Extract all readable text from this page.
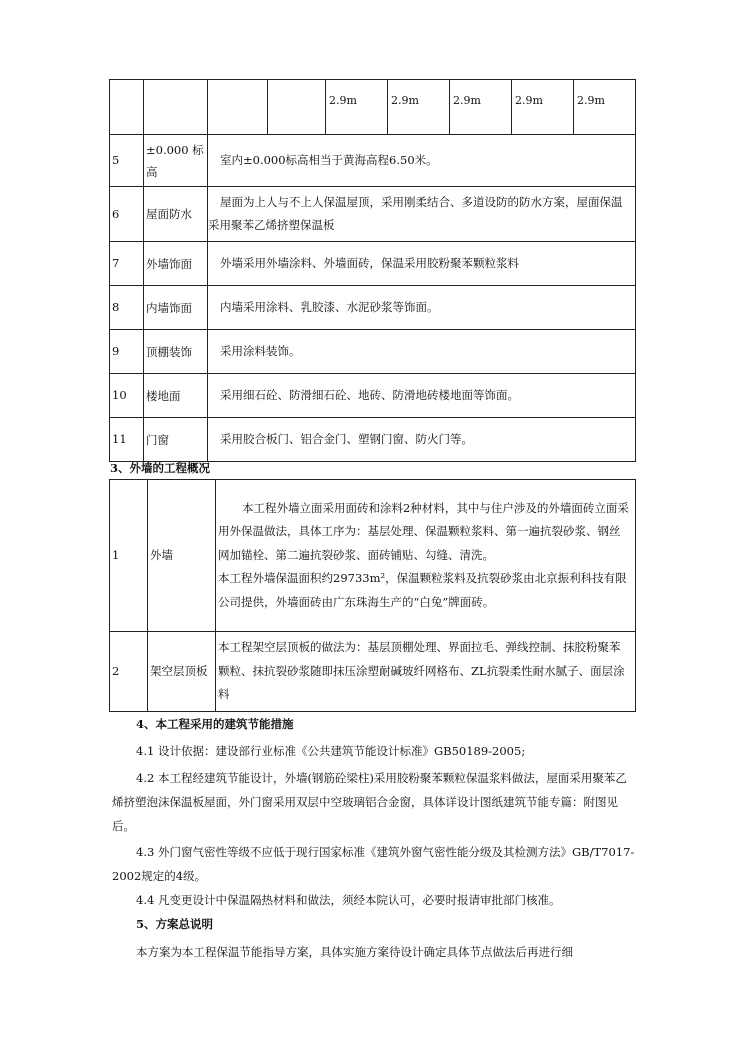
				2.9m	2.9m	2.9m	2.9m	2.9m
5	±0.000 标高	室内±0.000标高相当于黄海高程6.50米。						
6	屋面防水	屋面为上人与不上人保温屋顶，采用刚柔结合、多道设防的防水方案，屋面保温采用聚苯乙烯挤塑保温板						
7	外墙饰面	外墙采用外墙涂料、外墙面砖，保温采用胶粉聚苯颗粒浆料						
8	内墙饰面	内墙采用涂料、乳胶漆、水泥砂浆等饰面。						
9	顶棚装饰	采用涂料装饰。						
10	楼地面	采用细石砼、防滑细石砼、地砖、防滑地砖楼地面等饰面。						
11	门窗	采用胶合板门、铝合金门、塑钢门窗、防火门等。						
3、外墙的工程概况
1	外墙	本工程外墙立面采用面砖和涂料2种材料，其中与住户涉及的外墙面砖立面采用外保温做法，具体工序为：基层处理、保温颗粒浆料、第一遍抗裂砂浆、钢丝网加锚栓、第二遍抗裂砂浆、面砖铺贴、勾缝、清洗。
本工程外墙保温面积约29733m²，保温颗粒浆料及抗裂砂浆由北京振利科技有限公司提供，外墙面砖由广东珠海生产的“白兔”牌面砖。

2	架空层顶板	本工程架空层顶板的做法为：基层顶棚处理、界面拉毛、弹线控制、抹胶粉聚苯颗粒、抹抗裂砂浆随即抹压涂塑耐碱玻纤网格布、ZL抗裂柔性耐水腻子、面层涂料
4、本工程采用的建筑节能措施
4.1 设计依据：建设部行业标准《公共建筑节能设计标准》GB50189-2005;
4.2 本工程经建筑节能设计，外墙(钢筋砼梁柱)采用胶粉聚苯颗粒保温浆料做法，屋面采用聚苯乙烯挤塑泡沫保温板屋面，外门窗采用双层中空玻璃铝合金窗，具体详设计图纸建筑节能专篇：附图见后。
4.3 外门窗气密性等级不应低于现行国家标准《建筑外窗气密性能分级及其检测方法》GB/T7017-2002规定的4级。
4.4 凡变更设计中保温隔热材料和做法，须经本院认可，必要时报请审批部门核准。
5、方案总说明
本方案为本工程保温节能指导方案，具体实施方案待设计确定具体节点做法后再进行细
